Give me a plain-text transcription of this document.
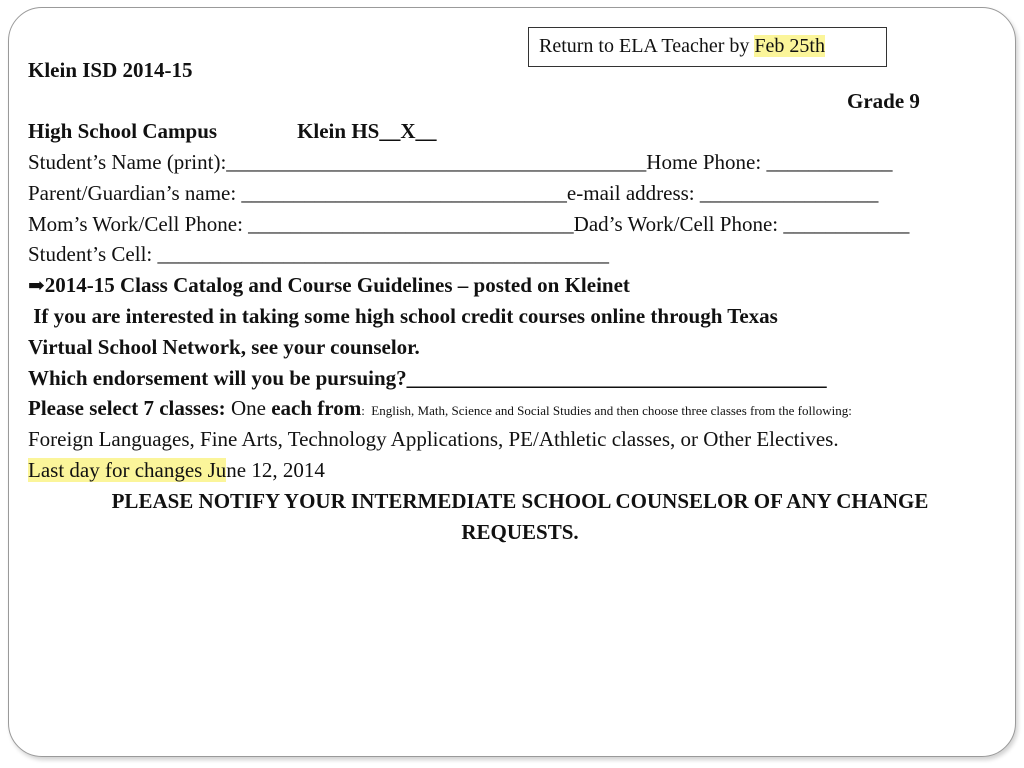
Return to ELA Teacher by Feb 25th
Klein ISD 2014-15
Grade 9
High School Campus	Klein HS__X__
Student’s Name (print):________________________________________Home Phone: ____________
Parent/Guardian’s name: _______________________________e-mail address: _________________
Mom’s Work/Cell Phone: _______________________________Dad’s Work/Cell Phone: ____________
Student’s Cell: ___________________________________________
➡2014-15 Class Catalog and Course Guidelines – posted on Kleinet
If you are interested in taking some high school credit courses online through Texas
Virtual School Network, see your counselor.
Which endorsement will you be pursuing?________________________________________
Please select 7 classes: One each from:  English, Math, Science and Social Studies and then choose three classes from the following:
Foreign Languages, Fine Arts, Technology Applications, PE/Athletic classes, or Other Electives.
Last day for changes June 12, 2014
PLEASE NOTIFY YOUR INTERMEDIATE SCHOOL COUNSELOR OF ANY CHANGE
REQUESTS.
